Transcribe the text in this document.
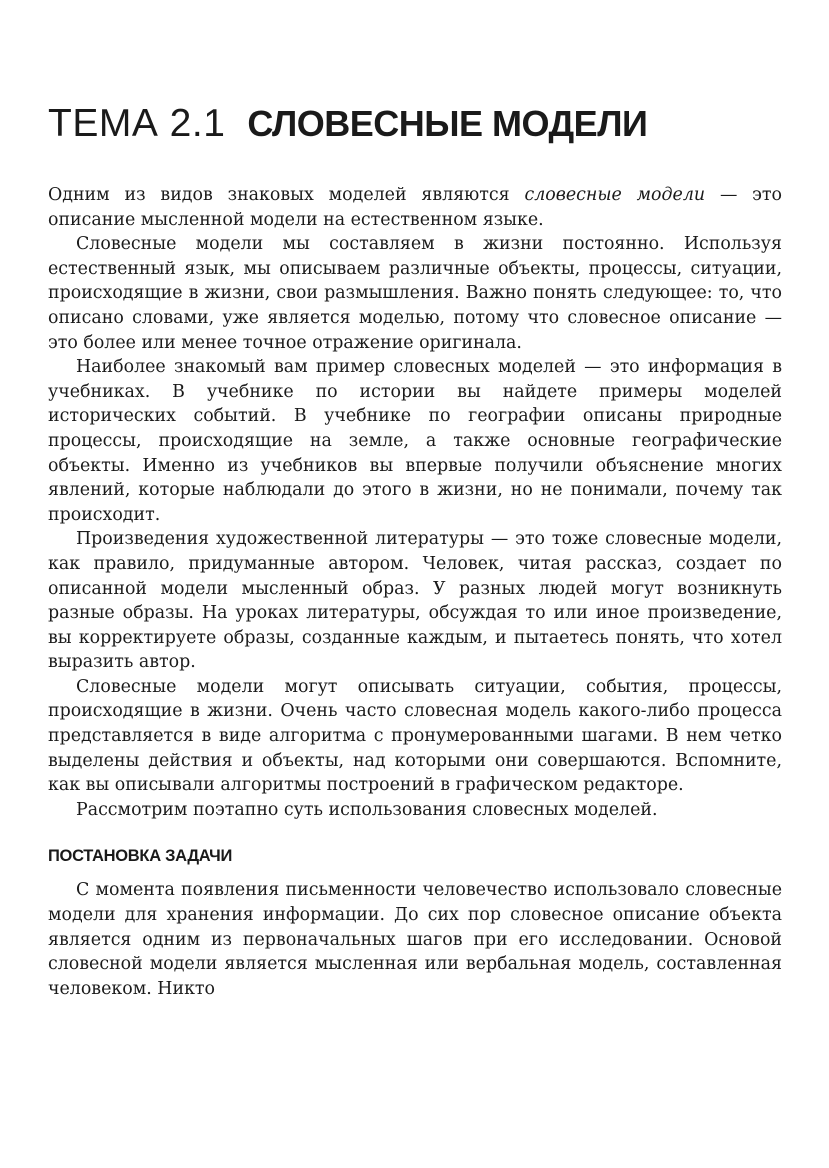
ТЕМА 2.1 СЛОВЕСНЫЕ МОДЕЛИ

Одним из видов знаковых моделей являются словесные модели — это описание мысленной модели на естественном языке.

Словесные модели мы составляем в жизни постоянно. Используя естественный язык, мы описываем различные объекты, процессы, ситуации, происходящие в жизни, свои размышления. Важно понять следующее: то, что описано словами, уже является моделью, потому что словесное описание — это более или менее точное отражение оригинала.

Наиболее знакомый вам пример словесных моделей — это информация в учебниках. В учебнике по истории вы найдете примеры моделей исторических событий. В учебнике по географии описаны природные процессы, происходящие на земле, а также основные географические объекты. Именно из учебников вы впервые получили объяснение многих явлений, которые наблюдали до этого в жизни, но не понимали, почему так происходит.

Произведения художественной литературы — это тоже словесные модели, как правило, придуманные автором. Человек, читая рассказ, создает по описанной модели мысленный образ. У разных людей могут возникнуть разные образы. На уроках литературы, обсуждая то или иное произведение, вы корректируете образы, созданные каждым, и пытаетесь понять, что хотел выразить автор.

Словесные модели могут описывать ситуации, события, процессы, происходящие в жизни. Очень часто словесная модель какого-либо процесса представляется в виде алгоритма с пронумерованными шагами. В нем четко выделены действия и объекты, над которыми они совершаются. Вспомните, как вы описывали алгоритмы построений в графическом редакторе.

Рассмотрим поэтапно суть использования словесных моделей.

ПОСТАНОВКА ЗАДАЧИ

С момента появления письменности человечество использовало словесные модели для хранения информации. До сих пор словесное описание объекта является одним из первоначальных шагов при его исследовании. Основой словесной модели является мысленная или вербальная модель, составленная человеком. Никто
